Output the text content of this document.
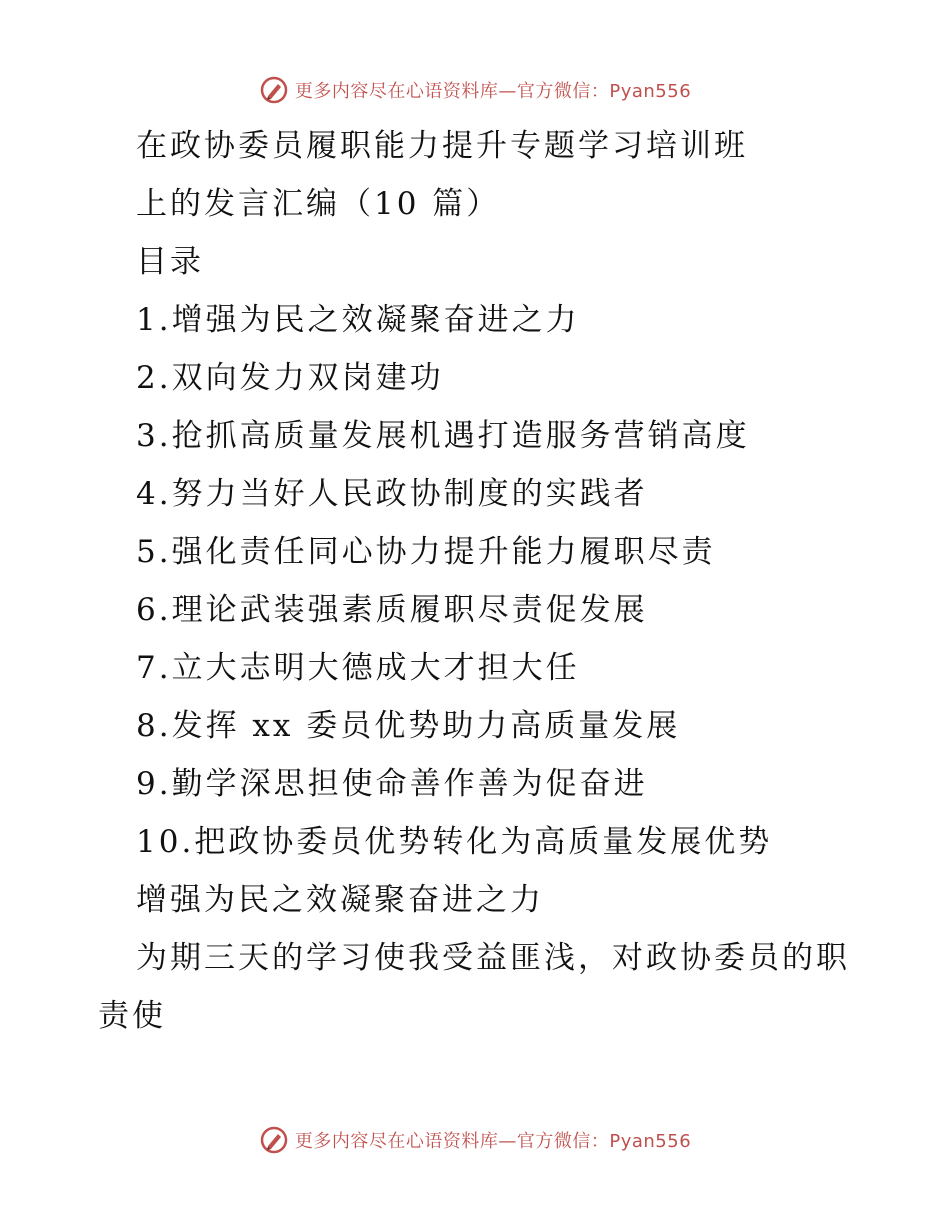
更多内容尽在心语资料库—官方微信：Pyan556
在政协委员履职能力提升专题学习培训班
上的发言汇编（10 篇）
目录
1.增强为民之效凝聚奋进之力
2.双向发力双岗建功
3.抢抓高质量发展机遇打造服务营销高度
4.努力当好人民政协制度的实践者
5.强化责任同心协力提升能力履职尽责
6.理论武装强素质履职尽责促发展
7.立大志明大德成大才担大任
8.发挥 xx 委员优势助力高质量发展
9.勤学深思担使命善作善为促奋进
10.把政协委员优势转化为高质量发展优势
增强为民之效凝聚奋进之力
为期三天的学习使我受益匪浅，对政协委员的职
责使
更多内容尽在心语资料库—官方微信：Pyan556
